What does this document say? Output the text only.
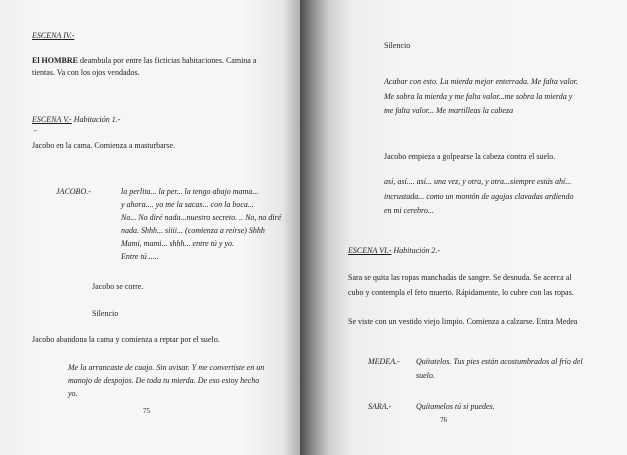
ESCENA IV.-
El HOMBRE deambula por entre las ficticias habitaciones. Camina a
tientas. Va con los ojos vendados.
ESCENA V.- Habitación 1.-
-
Jacobo en la cama. Comienza a masturbarse.
JACOBO.-	la perlita... la per... la tengo abajo mama...
y ahora.... yo me la sacas... con la boca...
No... No diré nada...nuestro secreto. .. No, no diré
nada. Shhh... siiii... (comienza a reírse) Shhh
Mami, mami... shhh... entre tú y yo.
Entre tú .....
Jacobo se corre.
Silencio
Jacobo abandona la cama y comienza a reptar por el suelo.
Me la arrancaste de cuajo. Sin avisar. Y me convertiste en un
manojo de despojos. De toda tu mierda. De eso estoy hecho
yo.
75
Silencio
Acabar con esto. La mierda mejor enterrada. Me falta valor.
Me sobra la mierda y me falta valor...me sobra la mierda y
me falta valor... Me martilleas la cabeza
Jacobo empieza a golpearse la cabeza contra el suelo.
así, así.... así... una vez, y otra, y otra...siempre estás ahí...
incrustada... como un montón de agujas clavadas ardiendo
en mi cerebro...
ESCENA VI.- Habitación 2.-
Sara se quita las ropas manchadas de sangre. Se desnuda. Se acerca al
cubo y contempla el feto muerto. Rápidamente, lo cubre con las ropas.
Se viste con un vestido viejo limpio. Comienza a calzarse. Entra Medea
MEDEA.- Quítatelos. Tus pies están acostumbrados al frío del
suelo.
SARA.-	Quítamelos tú si puedes.
76
